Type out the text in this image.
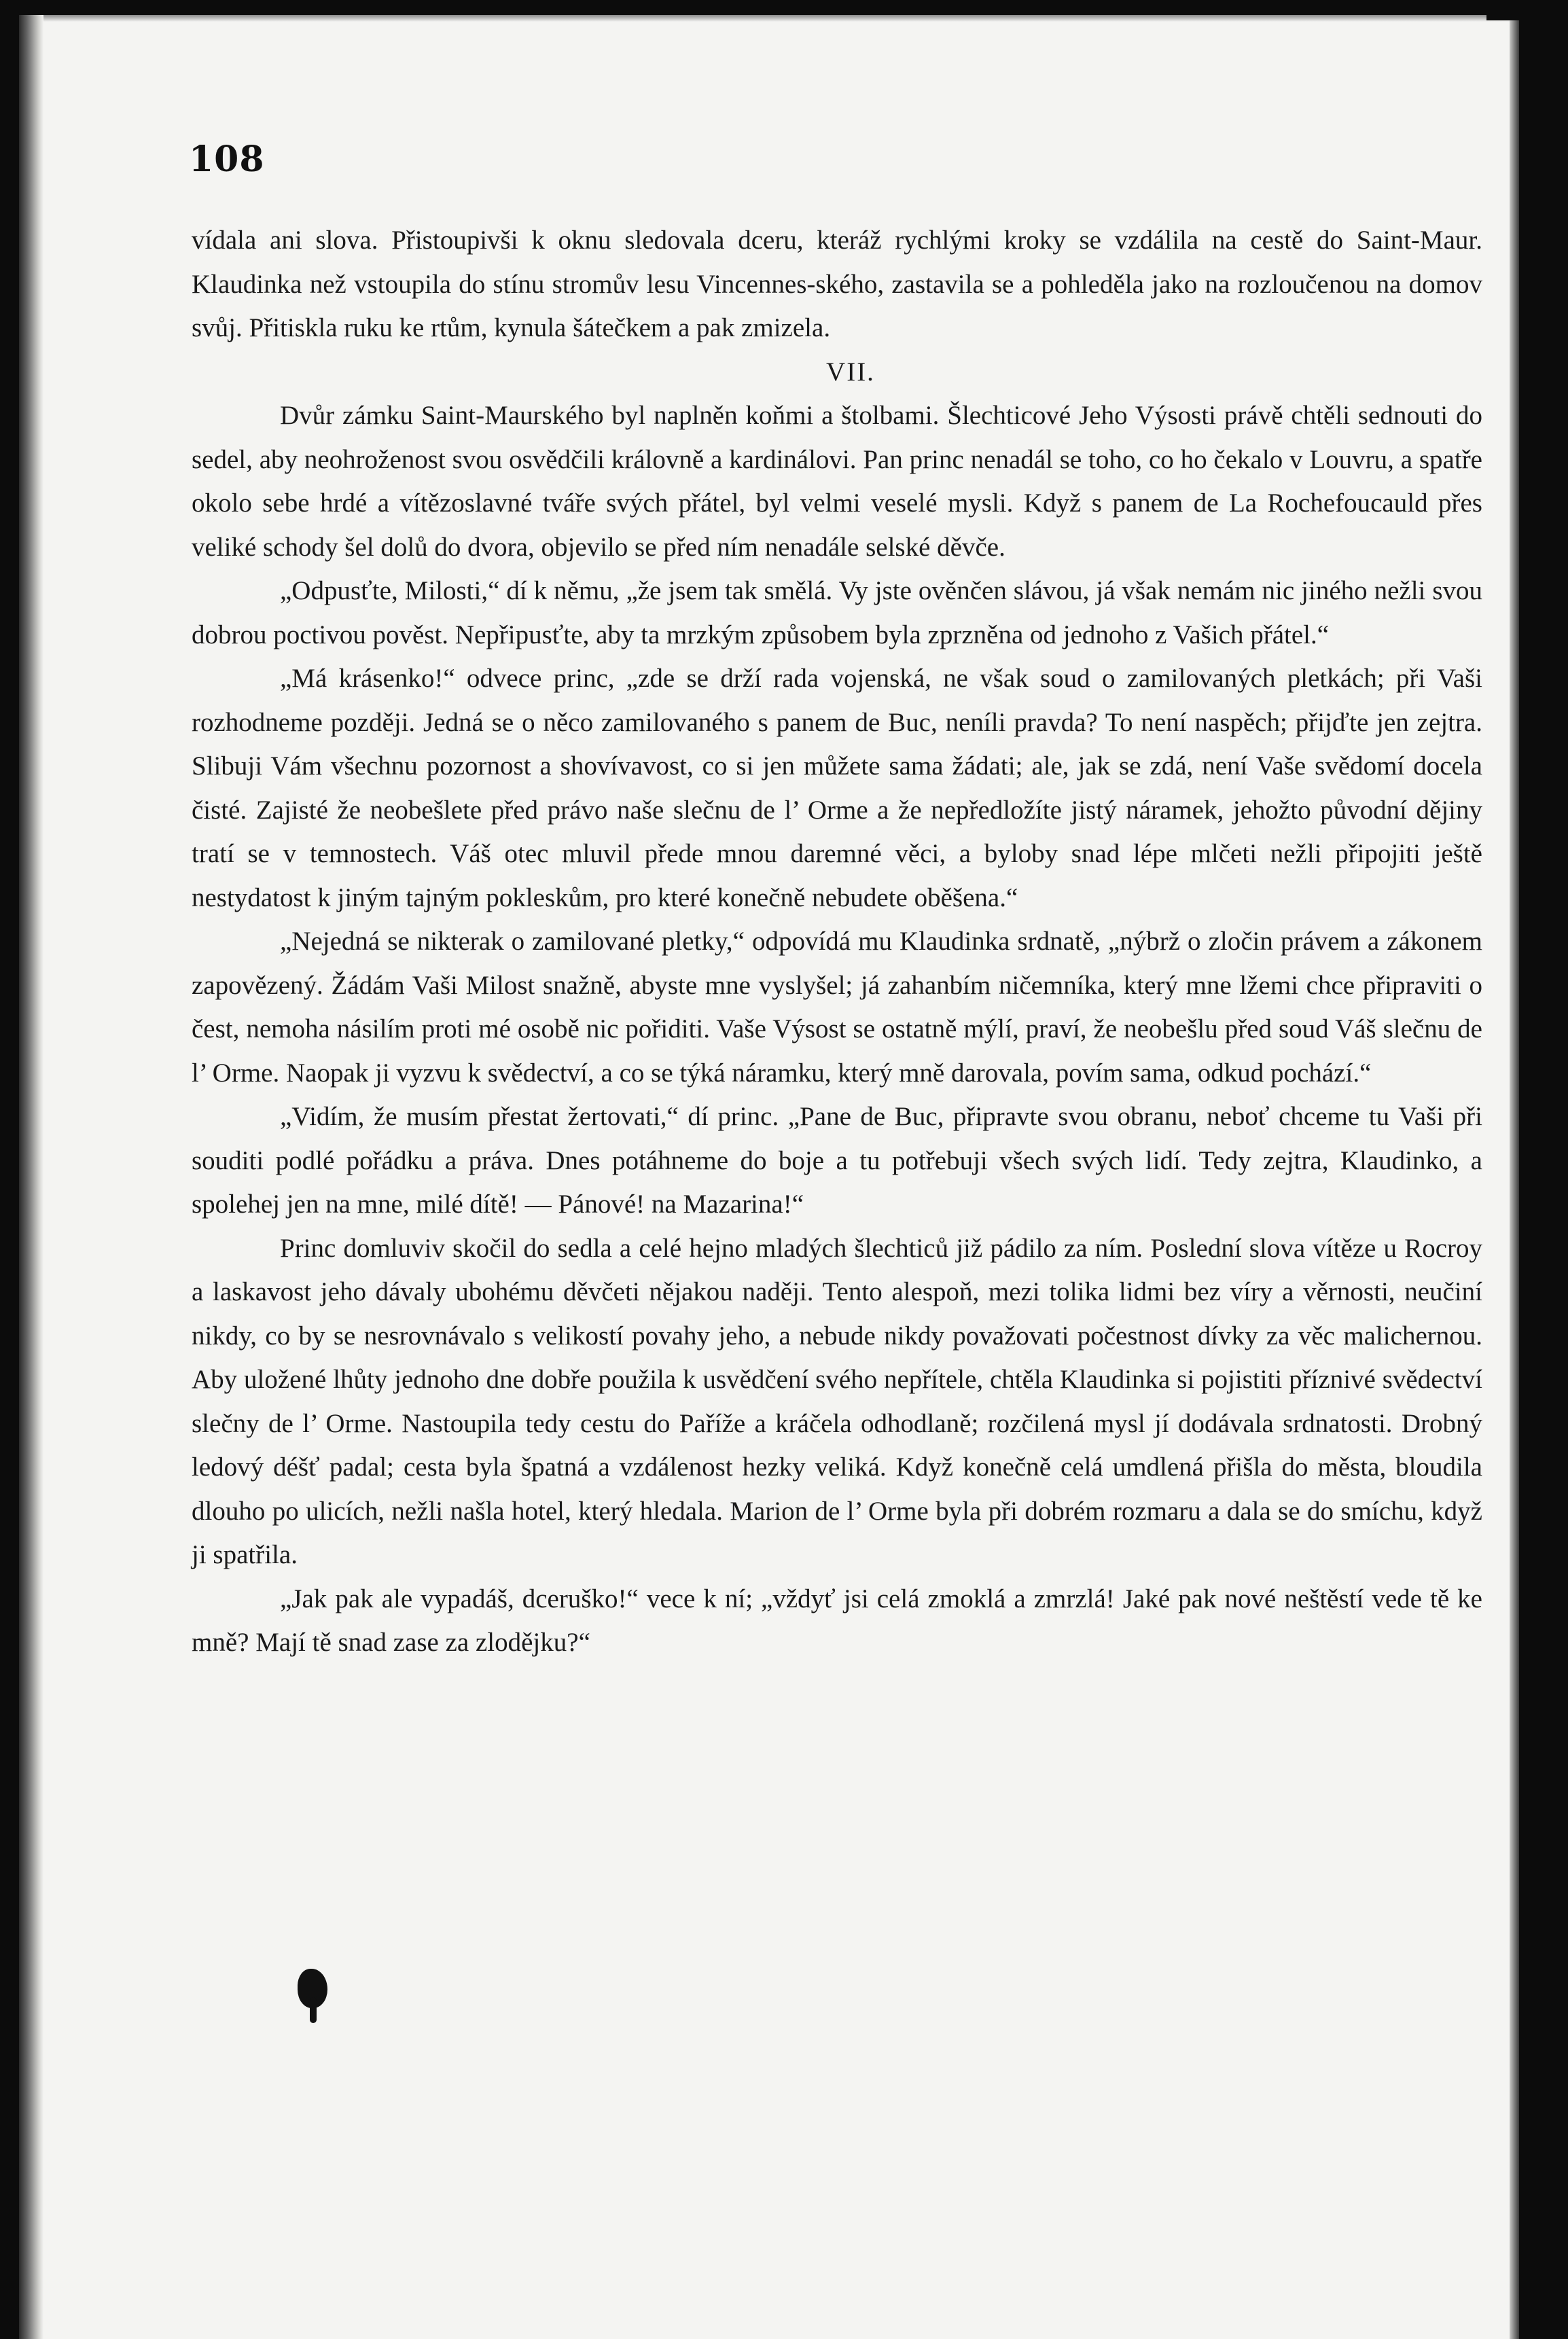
108

vídala ani slova. Přistoupivši k oknu sledovala dceru, kteráž rychlými kroky se vzdálila na cestě do Saint-Maur. Klaudinka než vstoupila do stínu stromův lesu Vincennes-ského, zastavila se a pohleděla jako na rozloučenou na domov svůj. Přitiskla ruku ke rtům, kynula šátečkem a pak zmizela.

VII.

Dvůr zámku Saint-Maurského byl naplněn koňmi a štolbami. Šlechticové Jeho Výsosti právě chtěli sednouti do sedel, aby neohroženost svou osvědčili královně a kardinálovi. Pan princ nenadál se toho, co ho čekalo v Louvru, a spatře okolo sebe hrdé a vítězoslavné tváře svých přátel, byl velmi veselé mysli. Když s panem de La Rochefoucauld přes veliké schody šel dolů do dvora, objevilo se před ním nenadále selské děvče.

„Odpusťte, Milosti,“ dí k němu, „že jsem tak smělá. Vy jste ověnčen slávou, já však nemám nic jiného nežli svou dobrou poctivou pověst. Nepřipusťte, aby ta mrzkým způsobem byla zprzněna od jednoho z Vašich přátel.“

„Má krásenko!“ odvece princ, „zde se drží rada vojenská, ne však soud o zamilovaných pletkách; při Vaši rozhodneme později. Jedná se o něco zamilovaného s panem de Buc, neníli pravda? To není naspěch; přijďte jen zejtra. Slibuji Vám všechnu pozornost a shovívavost, co si jen můžete sama žádati; ale, jak se zdá, není Vaše svědomí docela čisté. Zajisté že neobešlete před právo naše slečnu de l’ Orme a že nepředložíte jistý náramek, jehožto původní dějiny tratí se v temnostech. Váš otec mluvil přede mnou daremné věci, a byloby snad lépe mlčeti nežli připojiti ještě nestydatost k jiným tajným pokleskům, pro které konečně nebudete oběšena.“

„Nejedná se nikterak o zamilované pletky,“ odpovídá mu Klaudinka srdnatě, „nýbrž o zločin právem a zákonem zapovězený. Žádám Vaši Milost snažně, abyste mne vyslyšel; já zahanbím ničemníka, který mne lžemi chce připraviti o čest, nemoha násilím proti mé osobě nic pořiditi. Vaše Výsost se ostatně mýlí, praví, že neobešlu před soud Váš slečnu de l’ Orme. Naopak ji vyzvu k svědectví, a co se týká náramku, který mně darovala, povím sama, odkud pochází.“

„Vidím, že musím přestat žertovati,“ dí princ. „Pane de Buc, připravte svou obranu, neboť chceme tu Vaši při souditi podlé pořádku a práva. Dnes potáhneme do boje a tu potřebuji všech svých lidí. Tedy zejtra, Klaudinko, a spolehej jen na mne, milé dítě! — Pánové! na Mazarina!“

Princ domluviv skočil do sedla a celé hejno mladých šlechticů již pádilo za ním. Poslední slova vítěze u Rocroy a laskavost jeho dávaly ubohému děvčeti nějakou naději. Tento alespoň, mezi tolika lidmi bez víry a věrnosti, neučiní nikdy, co by se nesrovnávalo s velikostí povahy jeho, a nebude nikdy považovati počestnost dívky za věc malichernou. Aby uložené lhůty jednoho dne dobře použila k usvědčení svého nepřítele, chtěla Klaudinka si pojistiti příznivé svědectví slečny de l’ Orme. Nastoupila tedy cestu do Paříže a kráčela odhodlaně; rozčilená mysl jí dodávala srdnatosti. Drobný ledový déšť padal; cesta byla špatná a vzdálenost hezky veliká. Když konečně celá umdlená přišla do města, bloudila dlouho po ulicích, nežli našla hotel, který hledala. Marion de l’ Orme byla při dobrém rozmaru a dala se do smíchu, když ji spatřila.

„Jak pak ale vypadáš, dceruško!“ vece k ní; „vždyť jsi celá zmoklá a zmrzlá! Jaké pak nové neštěstí vede tě ke mně? Mají tě snad zase za zlodějku?“
